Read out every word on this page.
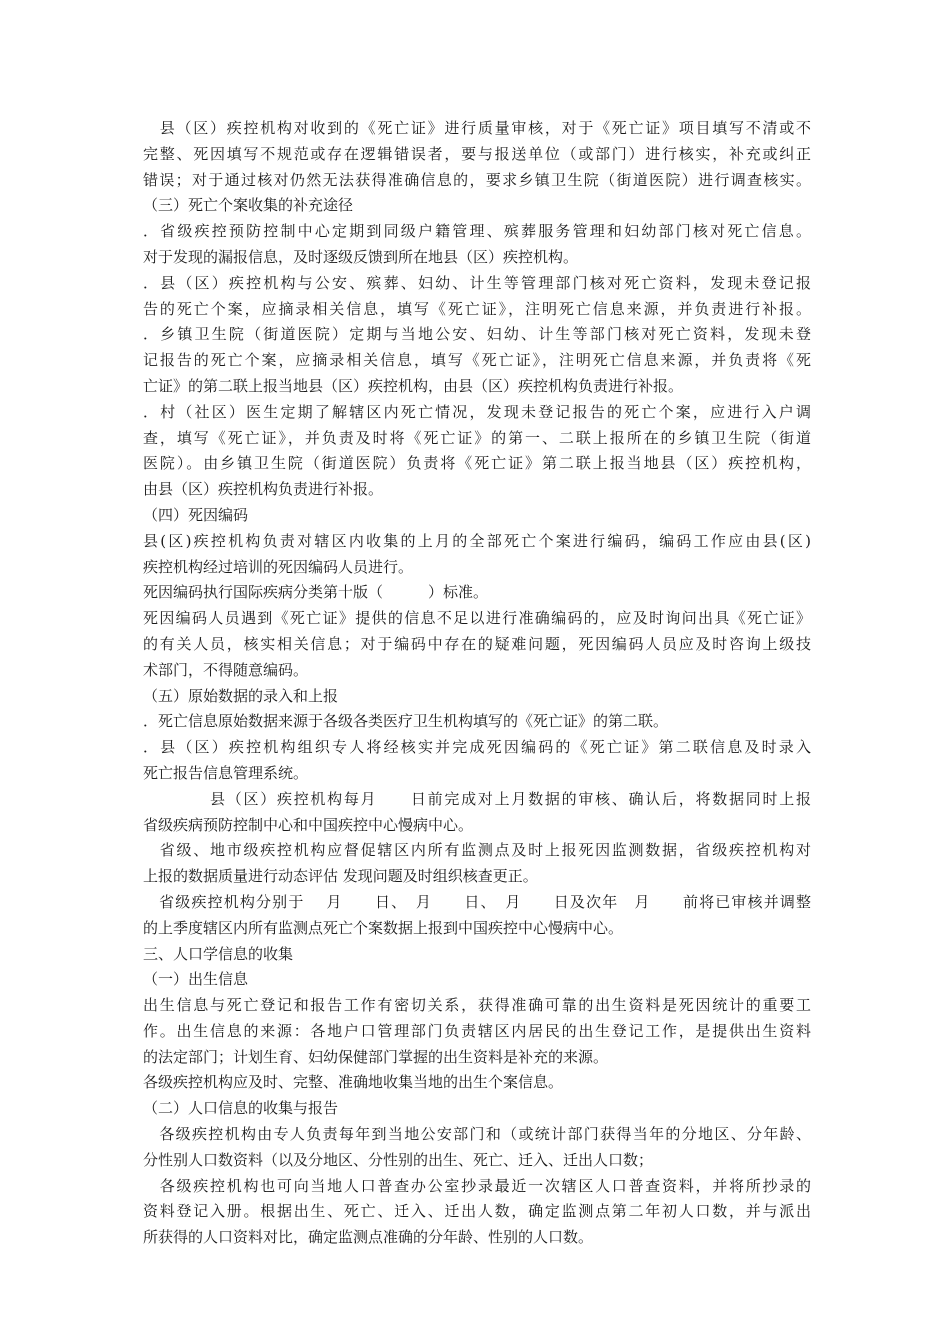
　县（区）疾控机构对收到的《死亡证》进行质量审核，对于《死亡证》项目填写不清或不
完整、死因填写不规范或存在逻辑错误者，要与报送单位（或部门）进行核实，补充或纠正
错误；对于通过核对仍然无法获得准确信息的，要求乡镇卫生院（街道医院）进行调查核实。
（三）死亡个案收集的补充途径
．省级疾控预防控制中心定期到同级户籍管理、殡葬服务管理和妇幼部门核对死亡信息。
对于发现的漏报信息，及时逐级反馈到所在地县（区）疾控机构。
．县（区）疾控机构与公安、殡葬、妇幼、计生等管理部门核对死亡资料，发现未登记报
告的死亡个案，应摘录相关信息，填写《死亡证》，注明死亡信息来源，并负责进行补报。
．乡镇卫生院（街道医院）定期与当地公安、妇幼、计生等部门核对死亡资料，发现未登
记报告的死亡个案，应摘录相关信息，填写《死亡证》，注明死亡信息来源，并负责将《死
亡证》的第二联上报当地县（区）疾控机构，由县（区）疾控机构负责进行补报。
．村（社区）医生定期了解辖区内死亡情况，发现未登记报告的死亡个案，应进行入户调
查，填写《死亡证》，并负责及时将《死亡证》的第一、二联上报所在的乡镇卫生院（街道
医院）。由乡镇卫生院（街道医院）负责将《死亡证》第二联上报当地县（区）疾控机构，
由县（区）疾控机构负责进行补报。
（四）死因编码
县(区)疾控机构负责对辖区内收集的上月的全部死亡个案进行编码，编码工作应由县(区)
疾控机构经过培训的死因编码人员进行。
死因编码执行国际疾病分类第十版（　　　）标准。
死因编码人员遇到《死亡证》提供的信息不足以进行准确编码的，应及时询问出具《死亡证》
的有关人员，核实相关信息；对于编码中存在的疑难问题，死因编码人员应及时咨询上级技
术部门，不得随意编码。
（五）原始数据的录入和上报
．死亡信息原始数据来源于各级各类医疗卫生机构填写的《死亡证》的第二联。
．县（区）疾控机构组织专人将经核实并完成死因编码的《死亡证》第二联信息及时录入
死亡报告信息管理系统。
　　　　县（区）疾控机构每月　　日前完成对上月数据的审核、确认后，将数据同时上报
省级疾病预防控制中心和中国疾控中心慢病中心。
　省级、地市级疾控机构应督促辖区内所有监测点及时上报死因监测数据，省级疾控机构对
上报的数据质量进行动态评估 发现问题及时组织核查更正。
　省级疾控机构分别于　 月　　日、　月　　日、　月　　日及次年　月　　前将已审核并调整
的上季度辖区内所有监测点死亡个案数据上报到中国疾控中心慢病中心。
三、人口学信息的收集
（一）出生信息
出生信息与死亡登记和报告工作有密切关系，获得准确可靠的出生资料是死因统计的重要工
作。出生信息的来源：各地户口管理部门负责辖区内居民的出生登记工作，是提供出生资料
的法定部门；计划生育、妇幼保健部门掌握的出生资料是补充的来源。
各级疾控机构应及时、完整、准确地收集当地的出生个案信息。
（二）人口信息的收集与报告
　各级疾控机构由专人负责每年到当地公安部门和（或统计部门获得当年的分地区、分年龄、
分性别人口数资料（以及分地区、分性别的出生、死亡、迁入、迁出人口数；
　各级疾控机构也可向当地人口普查办公室抄录最近一次辖区人口普查资料，并将所抄录的
资料登记入册。根据出生、死亡、迁入、迁出人数，确定监测点第二年初人口数，并与派出
所获得的人口资料对比，确定监测点准确的分年龄、性别的人口数。
